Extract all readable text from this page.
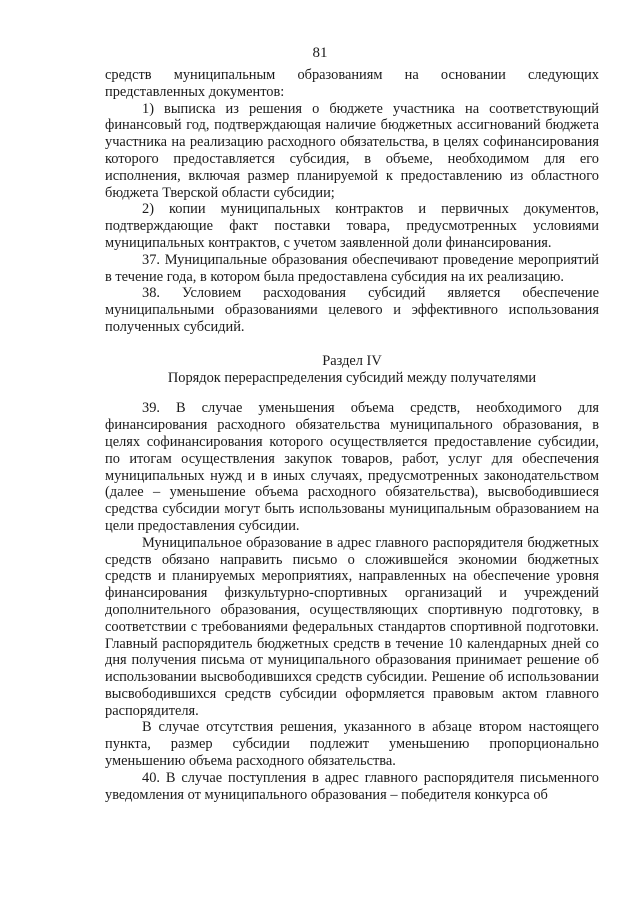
81

средств муниципальным образованиям на основании следующих представленных документов:

1) выписка из решения о бюджете участника на соответствующий финансовый год, подтверждающая наличие бюджетных ассигнований бюджета участника на реализацию расходного обязательства, в целях софинансирования которого предоставляется субсидия, в объеме, необходимом для его исполнения, включая размер планируемой к предоставлению из областного бюджета Тверской области субсидии;

2) копии муниципальных контрактов и первичных документов, подтверждающие факт поставки товара, предусмотренных условиями муниципальных контрактов, с учетом заявленной доли финансирования.

37. Муниципальные образования обеспечивают проведение мероприятий в течение года, в котором была предоставлена субсидия на их реализацию.

38. Условием расходования субсидий является обеспечение муниципальными образованиями целевого и эффективного использования полученных субсидий.

Раздел IV

Порядок перераспределения субсидий между получателями

39. В случае уменьшения объема средств, необходимого для финансирования расходного обязательства муниципального образования, в целях софинансирования которого осуществляется предоставление субсидии, по итогам осуществления закупок товаров, работ, услуг для обеспечения муниципальных нужд и в иных случаях, предусмотренных законодательством (далее – уменьшение объема расходного обязательства), высвободившиеся средства субсидии могут быть использованы муниципальным образованием на цели предоставления субсидии.

Муниципальное образование в адрес главного распорядителя бюджетных средств обязано направить письмо о сложившейся экономии бюджетных средств и планируемых мероприятиях, направленных на обеспечение уровня финансирования физкультурно-спортивных организаций и учреждений дополнительного образования, осуществляющих спортивную подготовку, в соответствии с требованиями федеральных стандартов спортивной подготовки. Главный распорядитель бюджетных средств в течение 10 календарных дней со дня получения письма от муниципального образования принимает решение об использовании высвободившихся средств субсидии. Решение об использовании высвободившихся средств субсидии оформляется правовым актом главного распорядителя.

В случае отсутствия решения, указанного в абзаце втором настоящего пункта, размер субсидии подлежит уменьшению пропорционально уменьшению объема расходного обязательства.

40. В случае поступления в адрес главного распорядителя письменного уведомления от муниципального образования – победителя конкурса об
